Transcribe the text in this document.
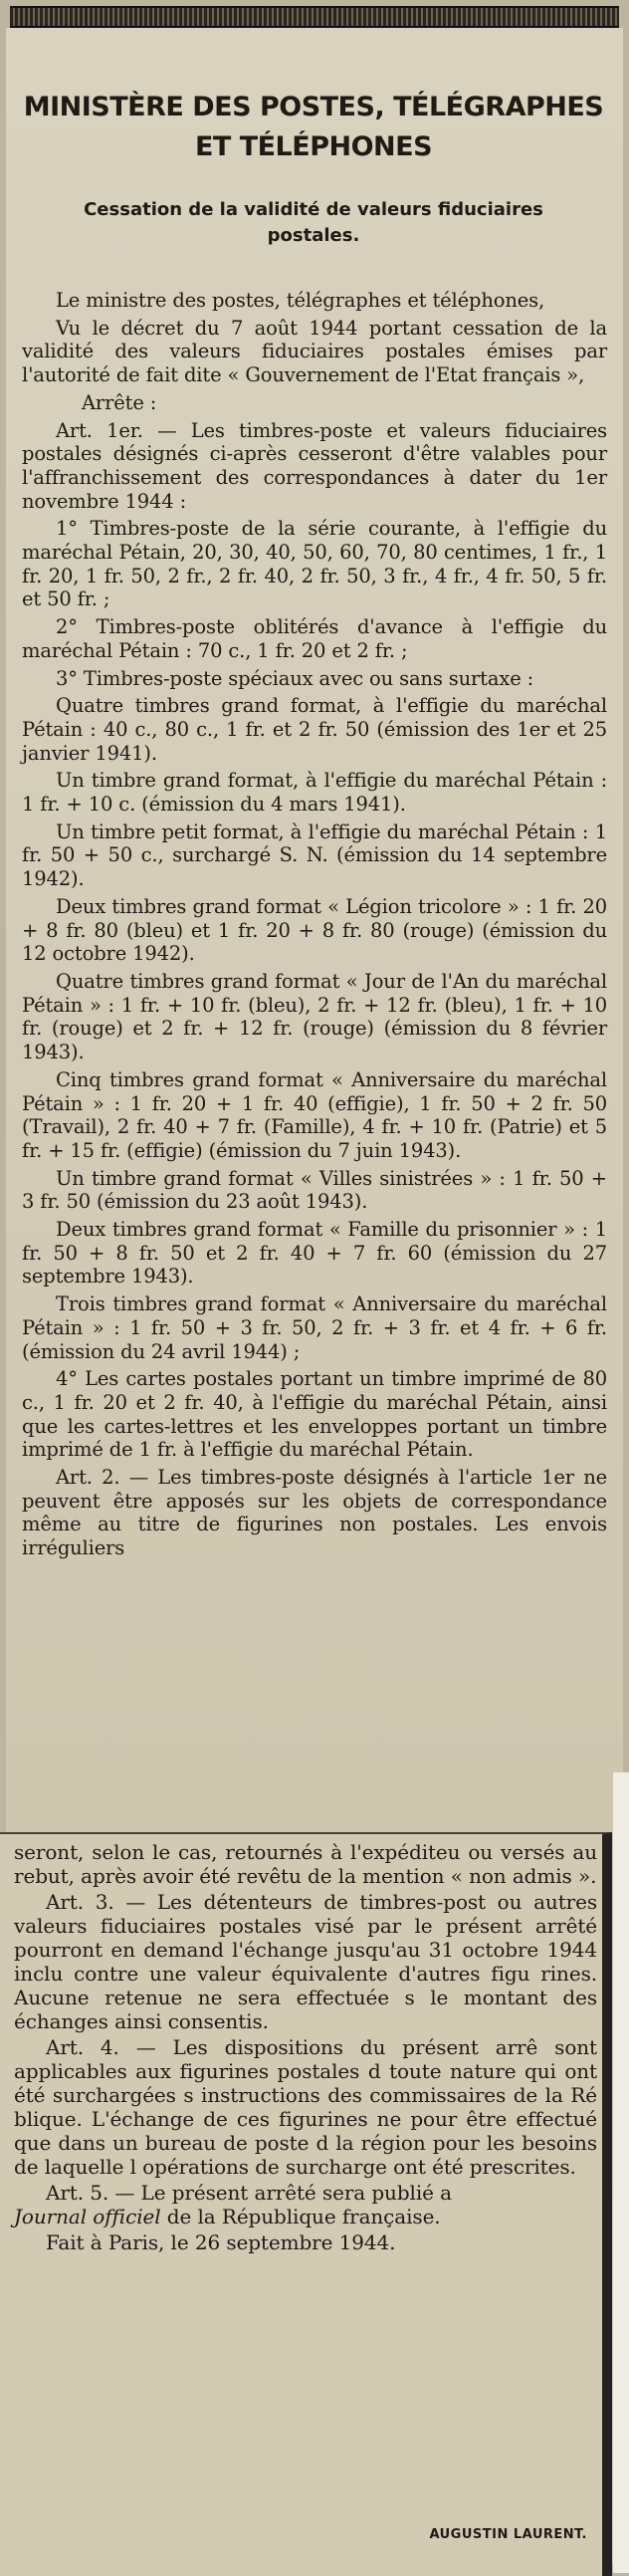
MINISTÈRE DES POSTES, TÉLÉGRAPHES ET TÉLÉPHONES
Cessation de la validité de valeurs fiduciaires postales.

Le ministre des postes, télégraphes et téléphones,

Vu le décret du 7 août 1944 portant cessation de la validité des valeurs fiduciaires postales émises par l'autorité de fait dite « Gouvernement de l'Etat français »,

Arrête :

Art. 1er. — Les timbres-poste et valeurs fiduciaires postales désignés ci-après cesseront d'être valables pour l'affranchissement des correspondances à dater du 1er novembre 1944 :

1° Timbres-poste de la série courante, à l'effigie du maréchal Pétain, 20, 30, 40, 50, 60, 70, 80 centimes, 1 fr., 1 fr. 20, 1 fr. 50, 2 fr., 2 fr. 40, 2 fr. 50, 3 fr., 4 fr., 4 fr. 50, 5 fr. et 50 fr. ;

2° Timbres-poste oblitérés d'avance à l'effigie du maréchal Pétain : 70 c., 1 fr. 20 et 2 fr. ;

3° Timbres-poste spéciaux avec ou sans surtaxe :

Quatre timbres grand format, à l'effigie du maréchal Pétain : 40 c., 80 c., 1 fr. et 2 fr. 50 (émission des 1er et 25 janvier 1941).

Un timbre grand format, à l'effigie du maréchal Pétain : 1 fr. + 10 c. (émission du 4 mars 1941).

Un timbre petit format, à l'effigie du maréchal Pétain : 1 fr. 50 + 50 c., surchargé S. N. (émission du 14 septembre 1942).

Deux timbres grand format « Légion tricolore » : 1 fr. 20 + 8 fr. 80 (bleu) et 1 fr. 20 + 8 fr. 80 (rouge) (émission du 12 octobre 1942).

Quatre timbres grand format « Jour de l'An du maréchal Pétain » : 1 fr. + 10 fr. (bleu), 2 fr. + 12 fr. (bleu), 1 fr. + 10 fr. (rouge) et 2 fr. + 12 fr. (rouge) (émission du 8 février 1943).

Cinq timbres grand format « Anniversaire du maréchal Pétain » : 1 fr. 20 + 1 fr. 40 (effigie), 1 fr. 50 + 2 fr. 50 (Travail), 2 fr. 40 + 7 fr. (Famille), 4 fr. + 10 fr. (Patrie) et 5 fr. + 15 fr. (effigie) (émission du 7 juin 1943).

Un timbre grand format « Villes sinistrées » : 1 fr. 50 + 3 fr. 50 (émission du 23 août 1943).

Deux timbres grand format « Famille du prisonnier » : 1 fr. 50 + 8 fr. 50 et 2 fr. 40 + 7 fr. 60 (émission du 27 septembre 1943).

Trois timbres grand format « Anniversaire du maréchal Pétain » : 1 fr. 50 + 3 fr. 50, 2 fr. + 3 fr. et 4 fr. + 6 fr. (émission du 24 avril 1944) ;

4° Les cartes postales portant un timbre imprimé de 80 c., 1 fr. 20 et 2 fr. 40, à l'effigie du maréchal Pétain, ainsi que les cartes-lettres et les enveloppes portant un timbre imprimé de 1 fr. à l'effigie du maréchal Pétain.

Art. 2. — Les timbres-poste désignés à l'article 1er ne peuvent être apposés sur les objets de correspondance même au titre de figurines non postales. Les envois irréguliers

seront, selon le cas, retournés à l'expéditeu ou versés au rebut, après avoir été revêtu de la mention « non admis ».

Art. 3. — Les détenteurs de timbres-post ou autres valeurs fiduciaires postales visé par le présent arrêté pourront en demand l'échange jusqu'au 31 octobre 1944 inclu contre une valeur équivalente d'autres figu rines. Aucune retenue ne sera effectuée s le montant des échanges ainsi consentis.

Art. 4. — Les dispositions du présent arrê sont applicables aux figurines postales d toute nature qui ont été surchargées s instructions des commissaires de la Ré blique. L'échange de ces figurines ne pour être effectué que dans un bureau de poste d la région pour les besoins de laquelle l opérations de surcharge ont été prescrites.

Art. 5. — Le présent arrêté sera publié a
Journal officiel de la République française.

Fait à Paris, le 26 septembre 1944.

AUGUSTIN LAURENT.
